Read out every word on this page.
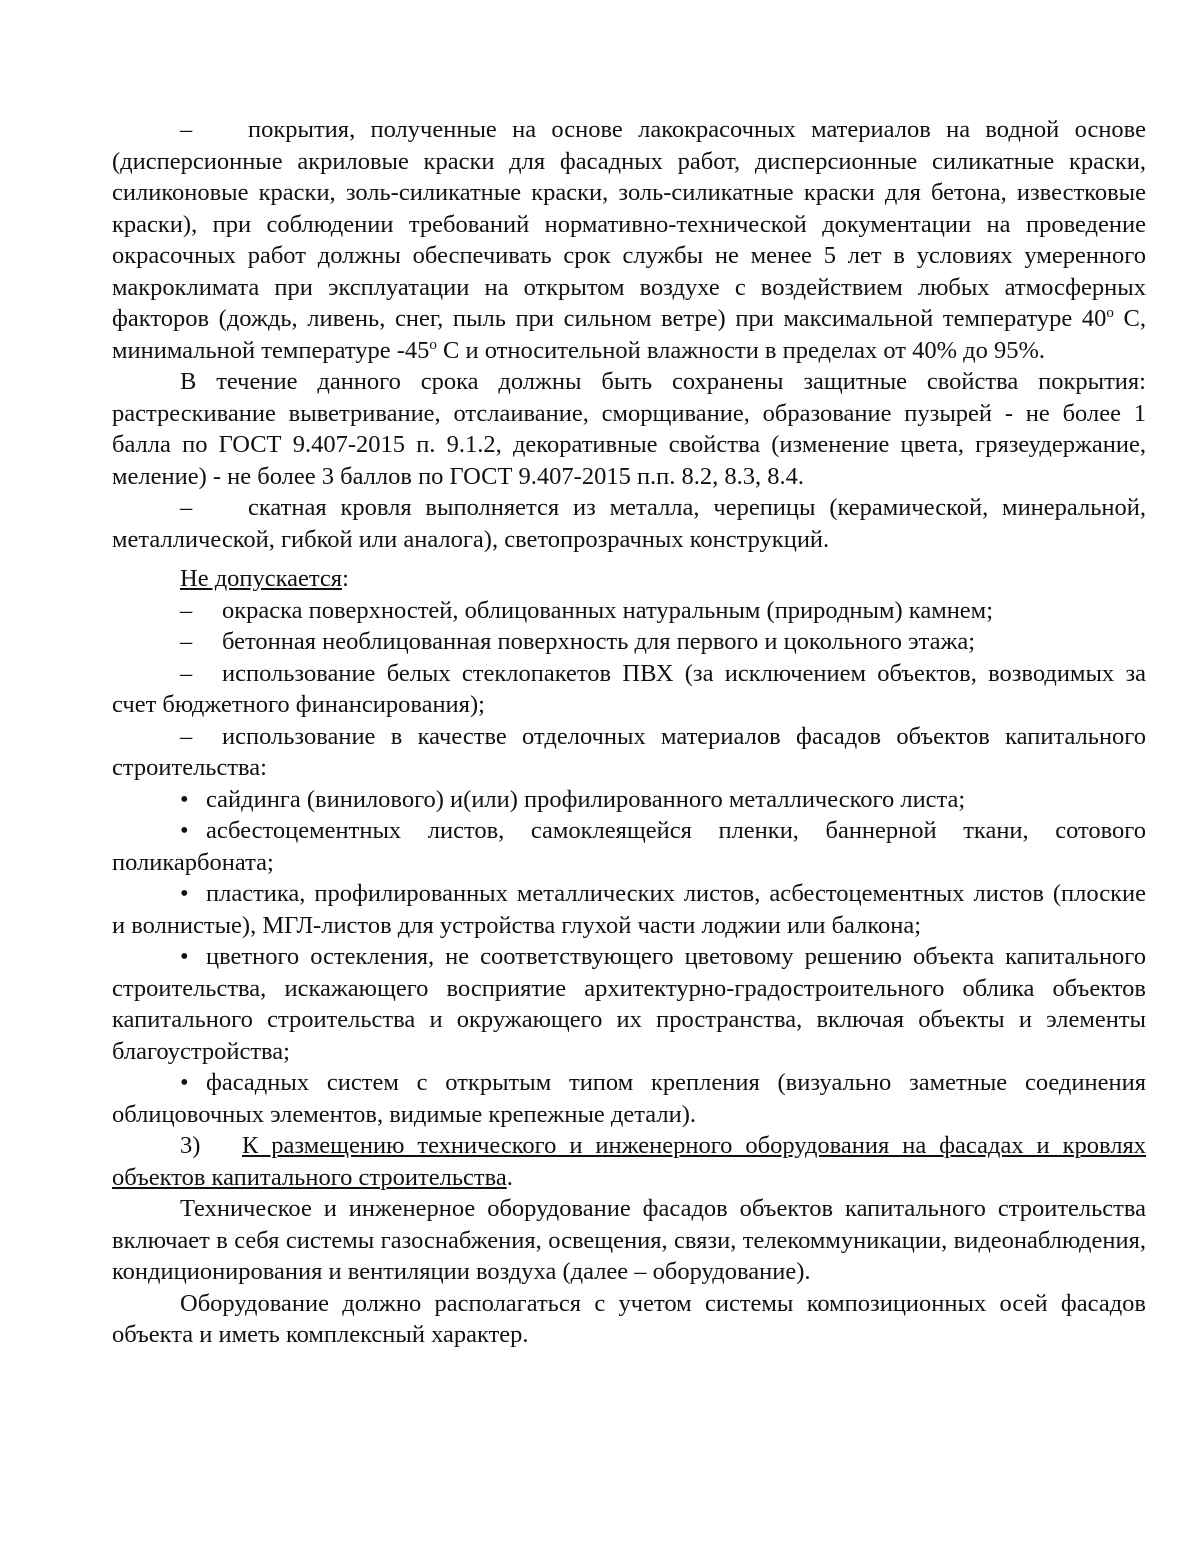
– покрытия, полученные на основе лакокрасочных материалов на водной основе (дисперсионные акриловые краски для фасадных работ, дисперсионные силикатные краски, силиконовые краски, золь-силикатные краски, золь-силикатные краски для бетона, известковые краски), при соблюдении требований нормативно-технической документации на проведение окрасочных работ должны обеспечивать срок службы не менее 5 лет в условиях умеренного макроклимата при эксплуатации на открытом воздухе с воздействием любых атмосферных факторов (дождь, ливень, снег, пыль при сильном ветре) при максимальной температуре 40$^o$ С, минимальной температуре -45$^o$ С и относительной влажности в пределах от 40% до 95%.

В течение данного срока должны быть сохранены защитные свойства покрытия: растрескивание выветривание, отслаивание, сморщивание, образование пузырей - не более 1 балла по ГОСТ 9.407-2015 п. 9.1.2, декоративные свойства (изменение цвета, грязеудержание, меление) - не более 3 баллов по ГОСТ 9.407-2015 п.п. 8.2, 8.3, 8.4.

– скатная кровля выполняется из металла, черепицы (керамической, минеральной, металлической, гибкой или аналога), светопрозрачных конструкций.

Не допускается:

– окраска поверхностей, облицованных натуральным (природным) камнем;

– бетонная необлицованная поверхность для первого и цокольного этажа;

– использование белых стеклопакетов ПВХ (за исключением объектов, возводимых за счет бюджетного финансирования);

– использование в качестве отделочных материалов фасадов объектов капитального строительства:

• сайдинга (винилового) и(или) профилированного металлического листа;

• асбестоцементных листов, самоклеящейся пленки, баннерной ткани, сотового поликарбоната;

• пластика, профилированных металлических листов, асбестоцементных листов (плоские и волнистые), МГЛ-листов для устройства глухой части лоджии или балкона;

• цветного остекления, не соответствующего цветовому решению объекта капитального строительства, искажающего восприятие архитектурно-градостроительного облика объектов капитального строительства и окружающего их пространства, включая объекты и элементы благоустройства;

• фасадных систем с открытым типом крепления (визуально заметные соединения облицовочных элементов, видимые крепежные детали).

3) К размещению технического и инженерного оборудования на фасадах и кровлях объектов капитального строительства.

Техническое и инженерное оборудование фасадов объектов капитального строительства включает в себя системы газоснабжения, освещения, связи, телекоммуникации, видеонаблюдения, кондиционирования и вентиляции воздуха (далее – оборудование).

Оборудование должно располагаться с учетом системы композиционных осей фасадов объекта и иметь комплексный характер.
